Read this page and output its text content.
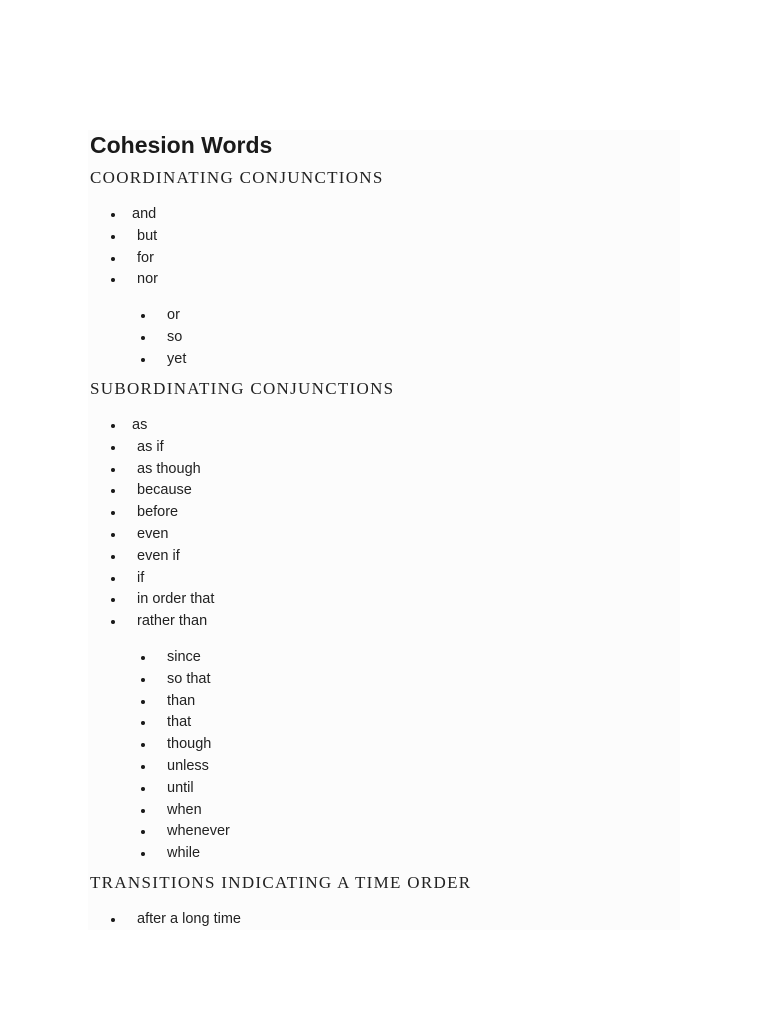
Cohesion Words
COORDINATING CONJUNCTIONS
and
but
for
nor
or
so
yet
SUBORDINATING CONJUNCTIONS
as
as if
as though
because
before
even
even if
if
in order that
rather than
since
so that
than
that
though
unless
until
when
whenever
while
TRANSITIONS INDICATING A TIME ORDER
after a long time
